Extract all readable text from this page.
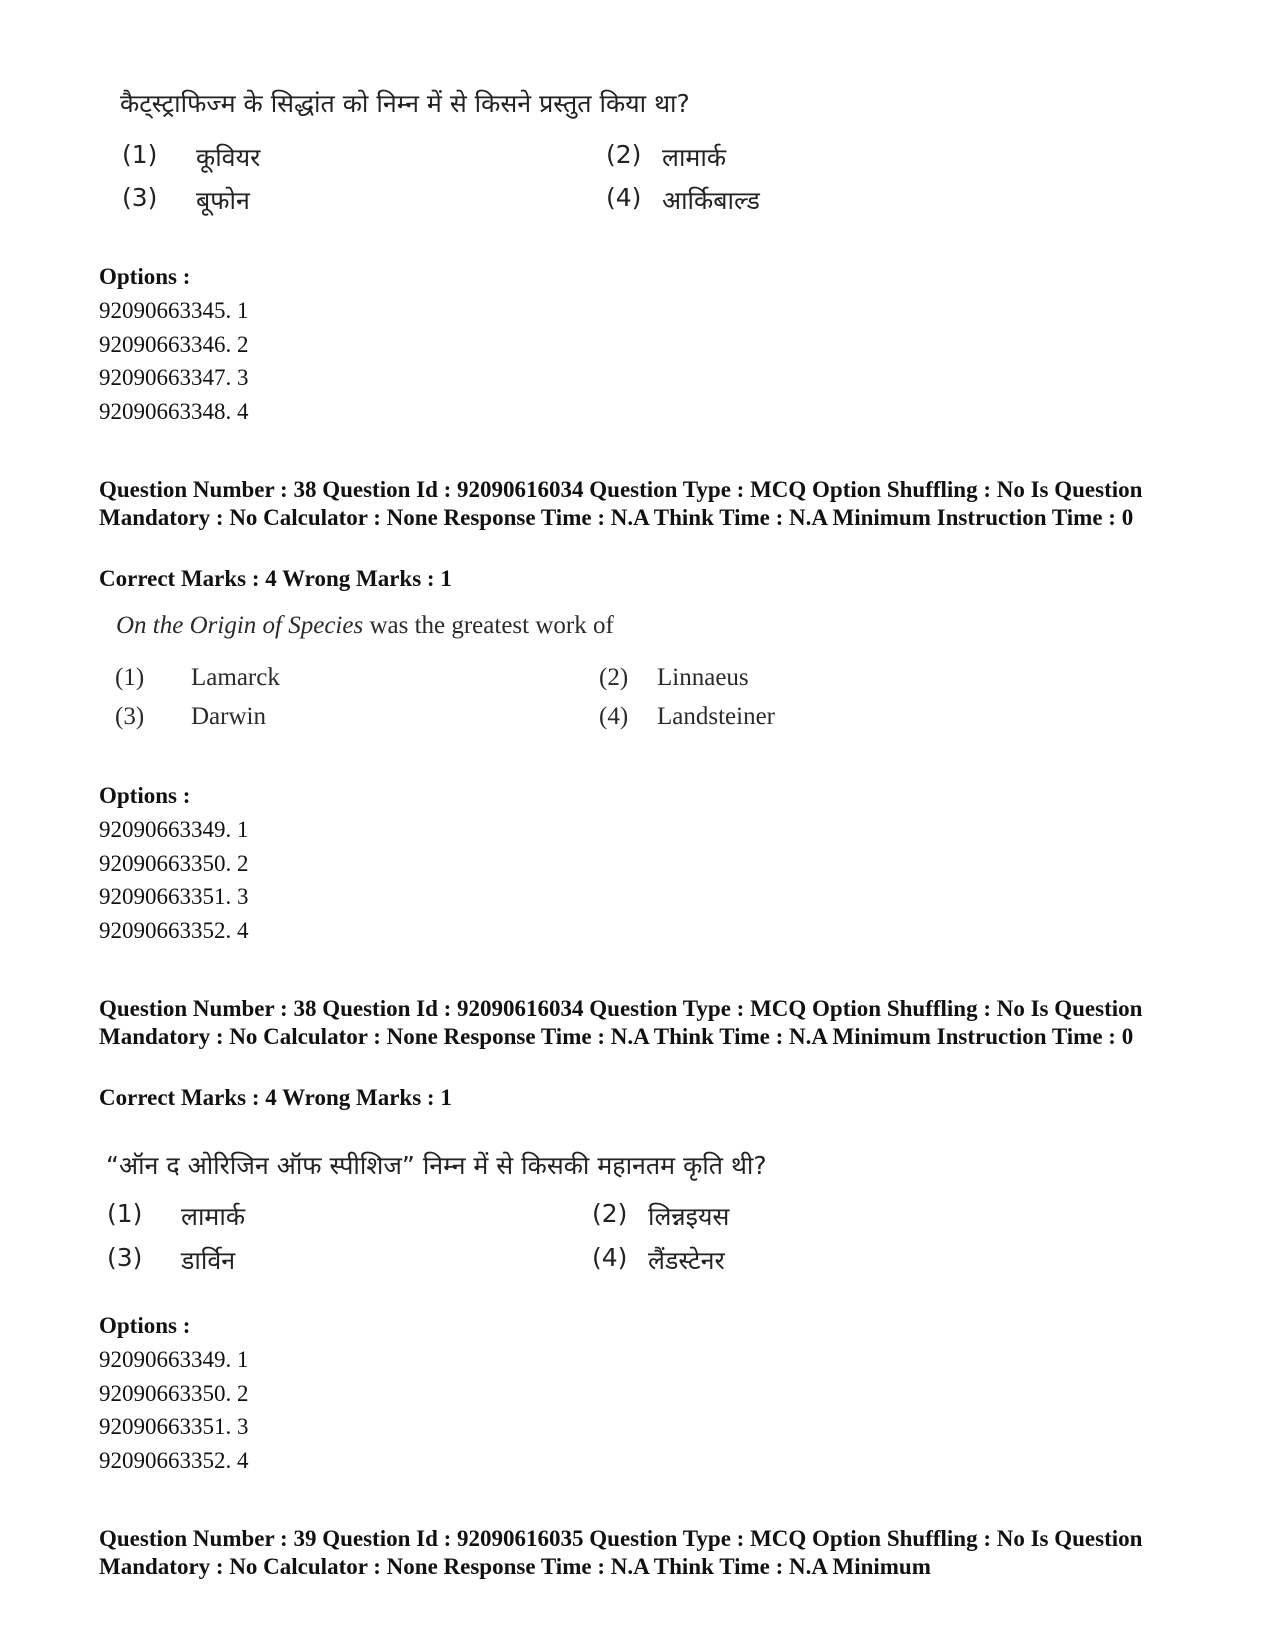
कैट्स्ट्राफिज्म के सिद्धांत को निम्न में से किसने प्रस्तुत किया था?
(1) कूवियर	(2) लामार्क
(3) बूफोन	(4) आर्किबाल्ड
Options :
92090663345. 1
92090663346. 2
92090663347. 3
92090663348. 4
Question Number : 38 Question Id : 92090616034 Question Type : MCQ Option Shuffling : No Is Question Mandatory : No Calculator : None Response Time : N.A Think Time : N.A Minimum Instruction Time : 0
Correct Marks : 4 Wrong Marks : 1
On the Origin of Species was the greatest work of
(1) Lamarck	(2) Linnaeus
(3) Darwin	(4) Landsteiner
Options :
92090663349. 1
92090663350. 2
92090663351. 3
92090663352. 4
Question Number : 38 Question Id : 92090616034 Question Type : MCQ Option Shuffling : No Is Question Mandatory : No Calculator : None Response Time : N.A Think Time : N.A Minimum Instruction Time : 0
Correct Marks : 4 Wrong Marks : 1
“ऑन द ओरिजिन ऑफ स्पीशिज” निम्न में से किसकी महानतम कृति थी?
(1) लामार्क	(2) लिन्नइयस
(3) डार्विन	(4) लैंडस्टेनर
Options :
92090663349. 1
92090663350. 2
92090663351. 3
92090663352. 4
Question Number : 39 Question Id : 92090616035 Question Type : MCQ Option Shuffling : No Is Question Mandatory : No Calculator : None Response Time : N.A Think Time : N.A Minimum
